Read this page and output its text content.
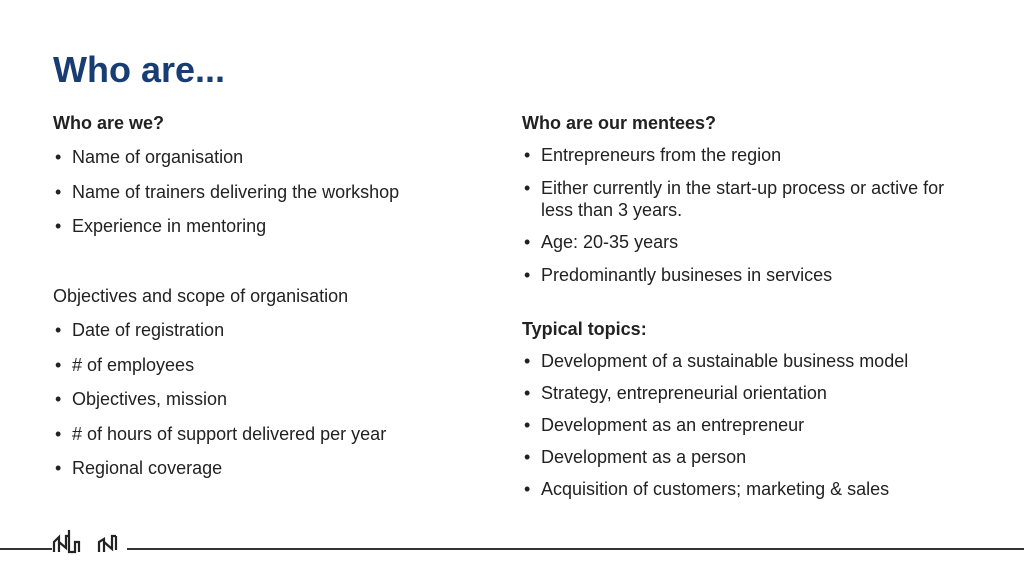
Who are...

Who are we?

• Name of organisation
• Name of trainers delivering the workshop
• Experience in mentoring

Objectives and scope of organisation

• Date of registration
• # of employees
• Objectives, mission
• # of hours of support delivered per year
• Regional coverage

Who are our mentees?

• Entrepreneurs from the region
• Either currently in the start-up process or active for less than 3 years.
• Age: 20-35 years
• Predominantly busineses in services

Typical topics:

• Development of a sustainable business model
• Strategy, entrepreneurial orientation
• Development as an entrepreneur
• Development as a person
• Acquisition of customers; marketing & sales
